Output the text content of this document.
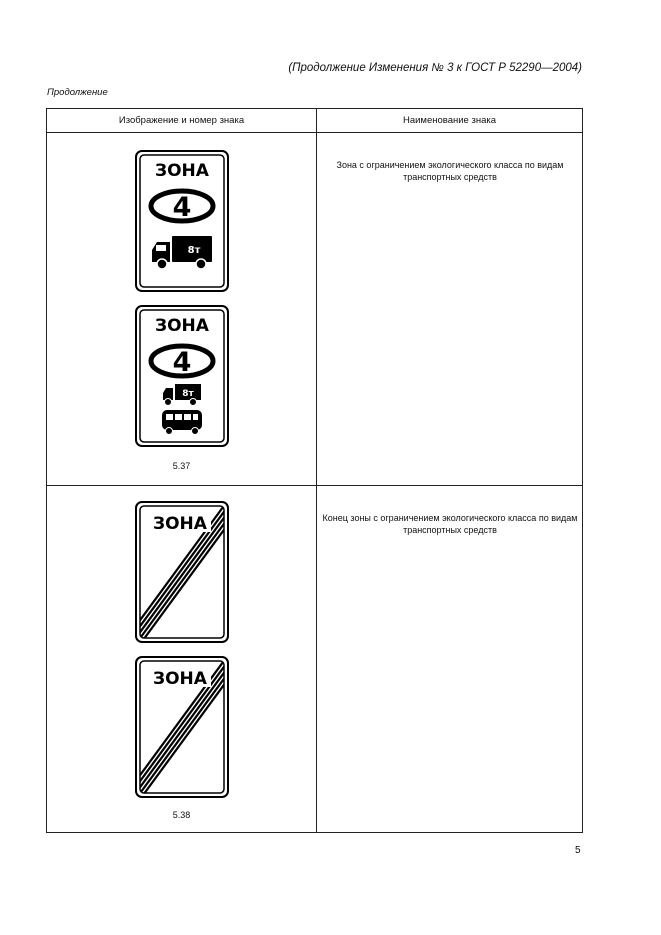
(Продолжение Изменения № 3 к ГОСТ Р 52290—2004)
Продолжение
Изображение и номер знака	Наименование знака
ЗОНА
4
8т
ЗОНА
4
8т
5.37
Зона с ограничением экологического класса по видам транспортных средств
ЗОНА
ЗОНА
5.38
Конец зоны с ограничением экологического класса по видам транспортных средств
5
